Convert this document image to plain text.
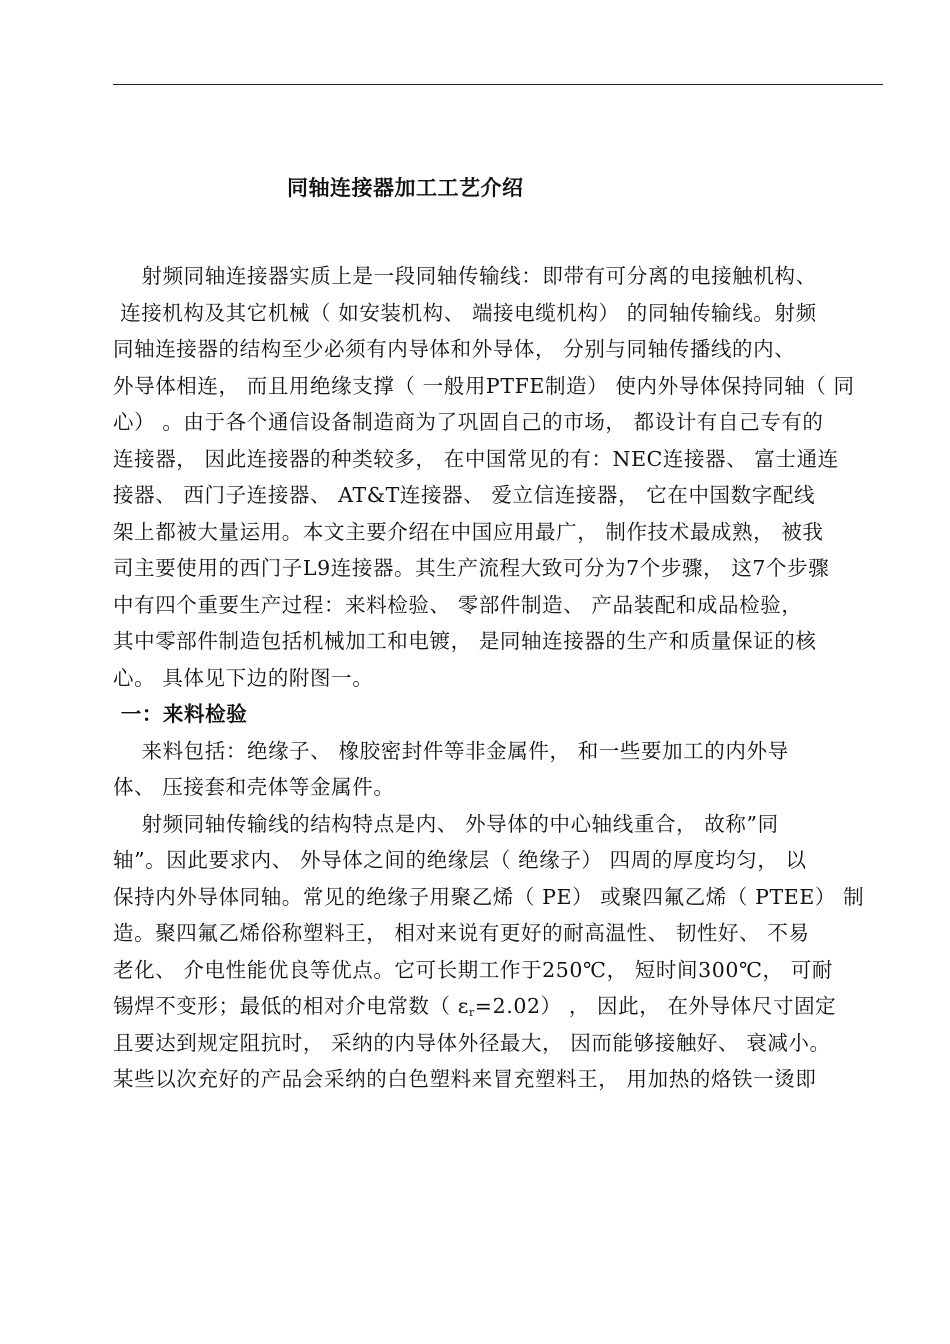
同轴连接器加工工艺介绍
射频同轴连接器实质上是一段同轴传输线：即带有可分离的电接触机构、
连接机构及其它机械（ 如安装机构、 端接电缆机构） 的同轴传输线。射频
同轴连接器的结构至少必须有内导体和外导体， 分别与同轴传播线的内、
外导体相连， 而且用绝缘支撑（ 一般用PTFE制造） 使内外导体保持同轴（ 同
心） 。由于各个通信设备制造商为了巩固自己的市场， 都设计有自己专有的
连接器， 因此连接器的种类较多， 在中国常见的有：NEC连接器、 富士通连
接器、 西门子连接器、 AT&T连接器、 爱立信连接器， 它在中国数字配线
架上都被大量运用。本文主要介绍在中国应用最广， 制作技术最成熟， 被我
司主要使用的西门子L9连接器。其生产流程大致可分为7个步骤， 这7个步骤
中有四个重要生产过程：来料检验、 零部件制造、 产品装配和成品检验，
其中零部件制造包括机械加工和电镀， 是同轴连接器的生产和质量保证的核
心。 具体见下边的附图一。
一：来料检验
来料包括：绝缘子、 橡胶密封件等非金属件， 和一些要加工的内外导
体、 压接套和壳体等金属件。
射频同轴传输线的结构特点是内、 外导体的中心轴线重合， 故称”同
轴”。因此要求内、 外导体之间的绝缘层（ 绝缘子） 四周的厚度均匀， 以
保持内外导体同轴。常见的绝缘子用聚乙烯（ PE） 或聚四氟乙烯（ PTEE） 制
造。聚四氟乙烯俗称塑料王， 相对来说有更好的耐高温性、 韧性好、 不易
老化、 介电性能优良等优点。它可长期工作于250℃， 短时间300℃， 可耐
锡焊不变形；最低的相对介电常数（ $\varepsilon_r=2.02$） ， 因此， 在外导体尺寸固定
且要达到规定阻抗时， 采纳的内导体外径最大， 因而能够接触好、 衰减小。
某些以次充好的产品会采纳的白色塑料来冒充塑料王， 用加热的烙铁一烫即
